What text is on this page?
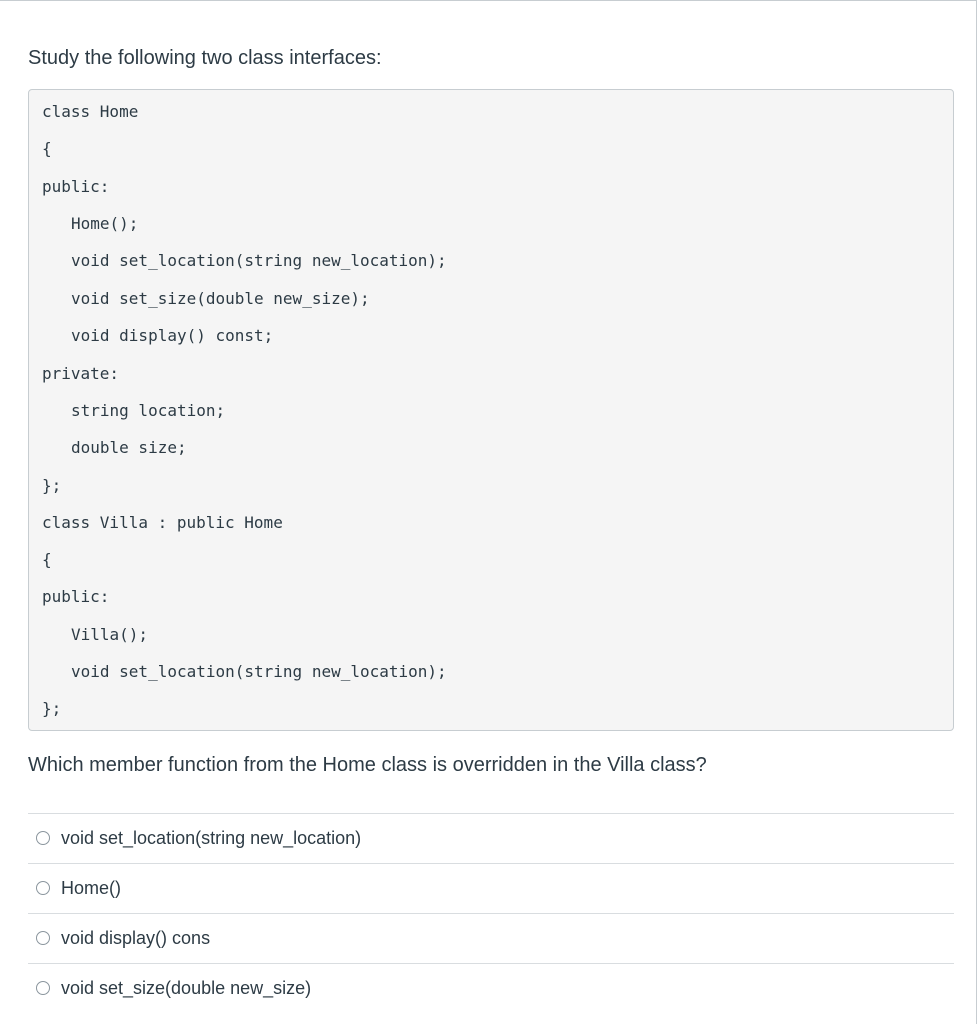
Study the following two class interfaces:

class Home
{
public:
Home();
void set_location(string new_location);
void set_size(double new_size);
void display() const;
private:
string location;
double size;
};
class Villa : public Home
{
public:
Villa();
void set_location(string new_location);
};

Which member function from the Home class is overridden in the Villa class?

void set_location(string new_location)
Home()
void display() cons
void set_size(double new_size)
